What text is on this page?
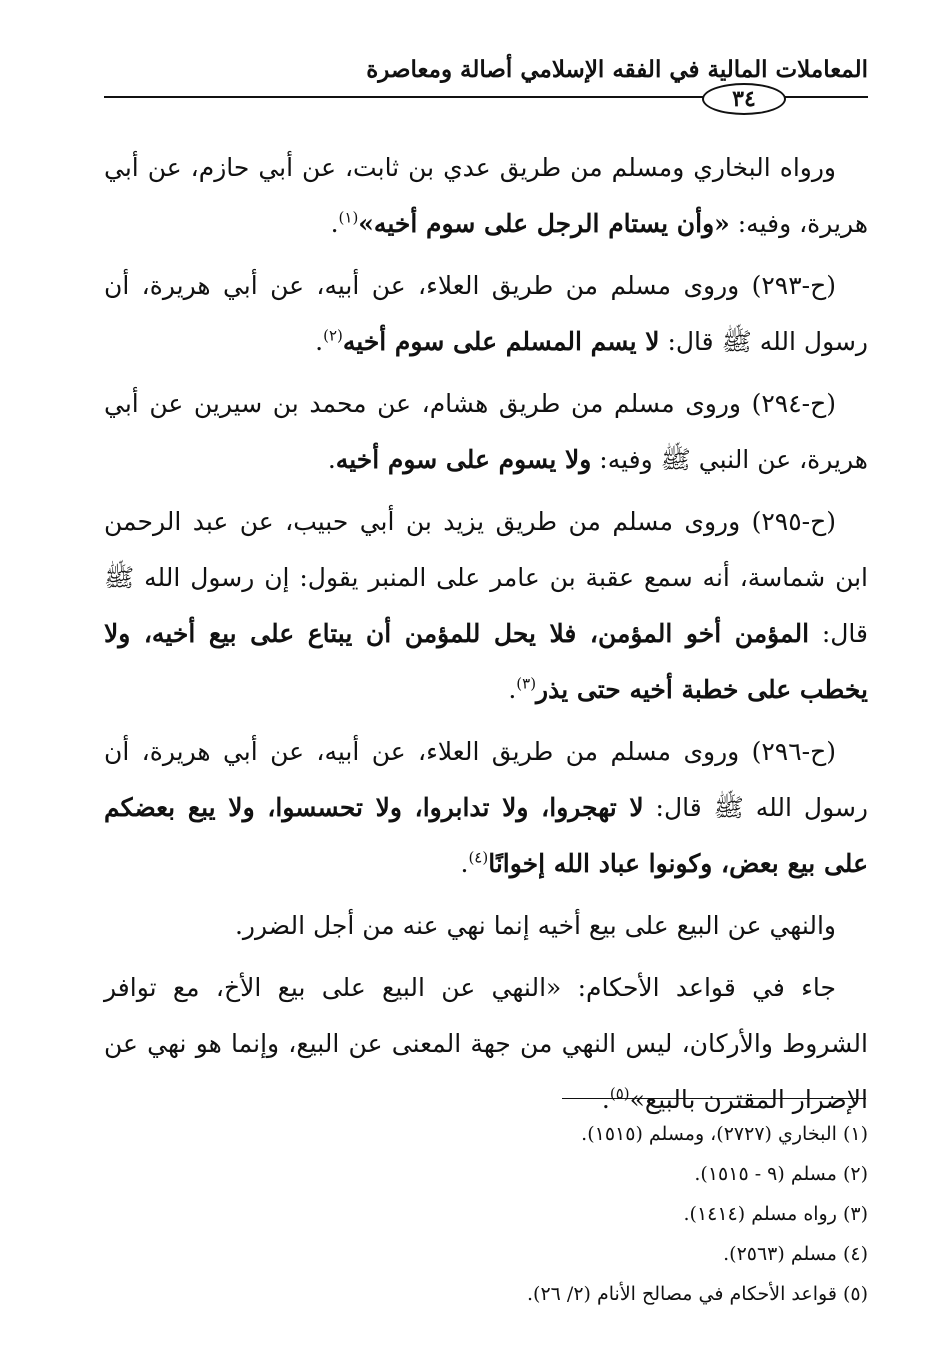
المعاملات المالية في الفقه الإسلامي أصالة ومعاصرة
٣٤

ورواه البخاري ومسلم من طريق عدي بن ثابت، عن أبي حازم، عن أبي هريرة، وفيه: «وأن يستام الرجل على سوم أخيه»$^{(١)}$.

(ح-٢٩٣) وروى مسلم من طريق العلاء، عن أبيه، عن أبي هريرة، أن رسول الله ﷺ قال: لا يسم المسلم على سوم أخيه$^{(٢)}$.

(ح-٢٩٤) وروى مسلم من طريق هشام، عن محمد بن سيرين عن أبي هريرة، عن النبي ﷺ وفيه: ولا يسوم على سوم أخيه.

(ح-٢٩٥) وروى مسلم من طريق يزيد بن أبي حبيب، عن عبد الرحمن ابن شماسة، أنه سمع عقبة بن عامر على المنبر يقول: إن رسول الله ﷺ قال: المؤمن أخو المؤمن، فلا يحل للمؤمن أن يبتاع على بيع أخيه، ولا يخطب على خطبة أخيه حتى يذر$^{(٣)}$.

(ح-٢٩٦) وروى مسلم من طريق العلاء، عن أبيه، عن أبي هريرة، أن رسول الله ﷺ قال: لا تهجروا، ولا تدابروا، ولا تحسسوا، ولا يبع بعضكم على بيع بعض، وكونوا عباد الله إخوانًا$^{(٤)}$.

والنهي عن البيع على بيع أخيه إنما نهي عنه من أجل الضرر.

جاء في قواعد الأحكام: «النهي عن البيع على بيع الأخ، مع توافر الشروط والأركان، ليس النهي من جهة المعنى عن البيع، وإنما هو نهي عن الإضرار المقترن بالبيع»$^{(٥)}$.

(١) البخاري (٢٧٢٧)، ومسلم (١٥١٥).
(٢) مسلم (٩ - ١٥١٥).
(٣) رواه مسلم (١٤١٤).
(٤) مسلم (٢٥٦٣).
(٥) قواعد الأحكام في مصالح الأنام (٢/ ٢٦).
